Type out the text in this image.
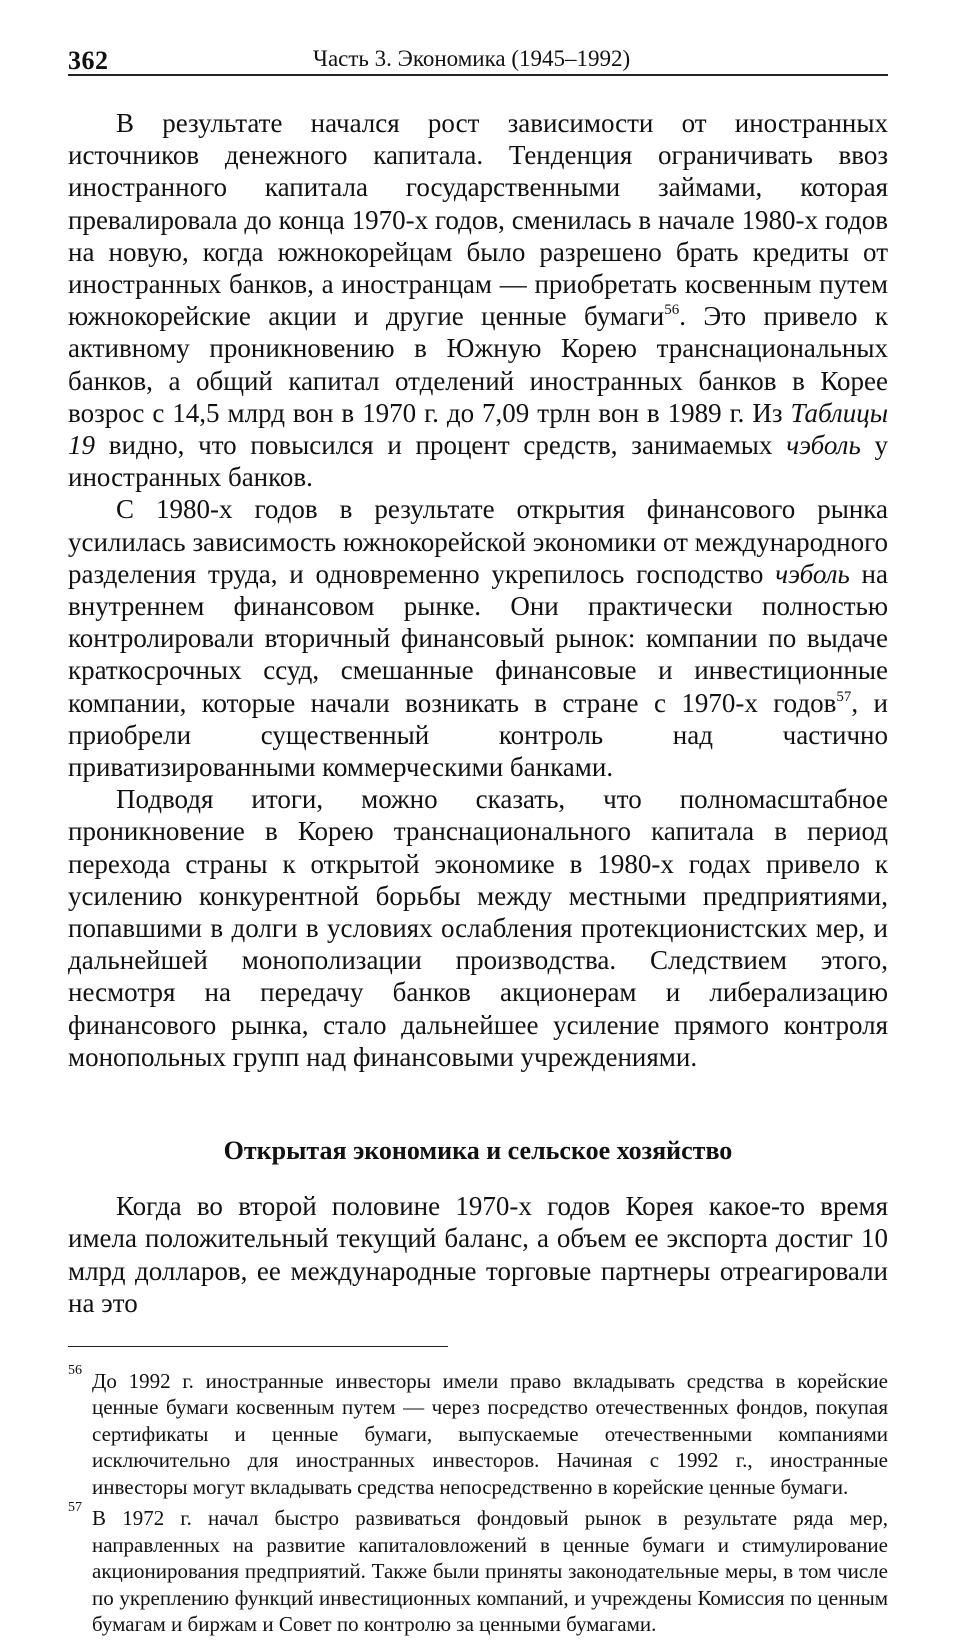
362	Часть 3. Экономика (1945–1992)

В результате начался рост зависимости от иностранных источников денежного капитала. Тенденция ограничивать ввоз иностранного капитала государственными займами, которая превалировала до конца 1970-х годов, сменилась в начале 1980-х годов на новую, когда южнокорейцам было разрешено брать кредиты от иностранных банков, а иностранцам — приобретать косвенным путем южнокорейские акции и другие ценные бумаги$^{56}$. Это привело к активному проникновению в Южную Корею транснациональных банков, а общий капитал отделений иностранных банков в Корее возрос с 14,5 млрд вон в 1970 г. до 7,09 трлн вон в 1989 г. Из Таблицы 19 видно, что повысился и процент средств, занимаемых чэболь у иностранных банков.

С 1980-х годов в результате открытия финансового рынка усилилась зависимость южнокорейской экономики от международного разделения труда, и одновременно укрепилось господство чэболь на внутреннем финансовом рынке. Они практически полностью контролировали вторичный финансовый рынок: компании по выдаче краткосрочных ссуд, смешанные финансовые и инвестиционные компании, которые начали возникать в стране с 1970-х годов$^{57}$, и приобрели существенный контроль над частично приватизированными коммерческими банками.

Подводя итоги, можно сказать, что полномасштабное проникновение в Корею транснационального капитала в период перехода страны к открытой экономике в 1980-х годах привело к усилению конкурентной борьбы между местными предприятиями, попавшими в долги в условиях ослабления протекционистских мер, и дальнейшей монополизации производства. Следствием этого, несмотря на передачу банков акционерам и либерализацию финансового рынка, стало дальнейшее усиление прямого контроля монопольных групп над финансовыми учреждениями.

Открытая экономика и сельское хозяйство

Когда во второй половине 1970-х годов Корея какое-то время имела положительный текущий баланс, а объем ее экспорта достиг 10 млрд долларов, ее международные торговые партнеры отреагировали на это

56 До 1992 г. иностранные инвесторы имели право вкладывать средства в корейские ценные бумаги косвенным путем — через посредство отечественных фондов, покупая сертификаты и ценные бумаги, выпускаемые отечественными компаниями исключительно для иностранных инвесторов. Начиная с 1992 г., иностранные инвесторы могут вкладывать средства непосредственно в корейские ценные бумаги.
57 В 1972 г. начал быстро развиваться фондовый рынок в результате ряда мер, направленных на развитие капиталовложений в ценные бумаги и стимулирование акционирования предприятий. Также были приняты законодательные меры, в том числе по укреплению функций инвестиционных компаний, и учреждены Комиссия по ценным бумагам и биржам и Совет по контролю за ценными бумагами.
